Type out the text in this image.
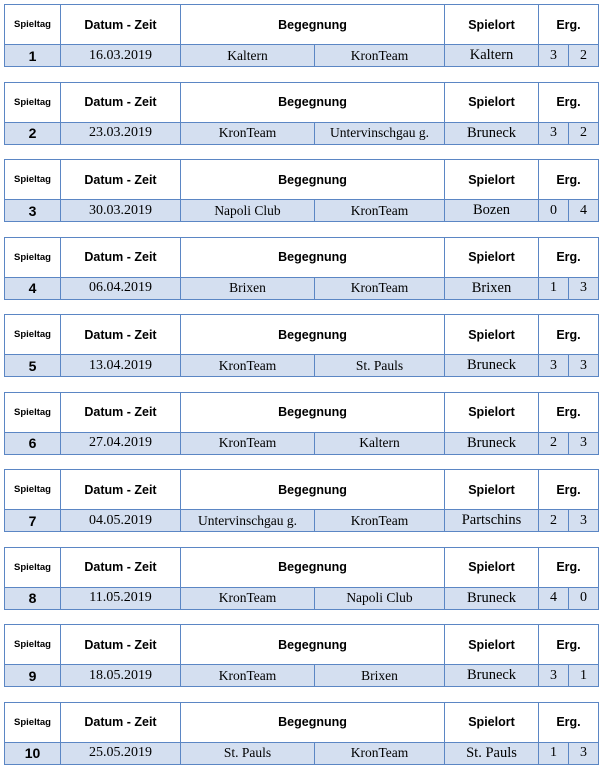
Spieltag	Datum - Zeit	Begegnung		Spielort	Erg.	
1	16.03.2019	Kaltern	KronTeam	Kaltern	3	2
Spieltag	Datum - Zeit	Begegnung		Spielort	Erg.	
2	23.03.2019	KronTeam	Untervinschgau g.	Bruneck	3	2
Spieltag	Datum - Zeit	Begegnung		Spielort	Erg.	
3	30.03.2019	Napoli Club	KronTeam	Bozen	0	4
Spieltag	Datum - Zeit	Begegnung		Spielort	Erg.	
4	06.04.2019	Brixen	KronTeam	Brixen	1	3
Spieltag	Datum - Zeit	Begegnung		Spielort	Erg.	
5	13.04.2019	KronTeam	St. Pauls	Bruneck	3	3
Spieltag	Datum - Zeit	Begegnung		Spielort	Erg.	
6	27.04.2019	KronTeam	Kaltern	Bruneck	2	3
Spieltag	Datum - Zeit	Begegnung		Spielort	Erg.	
7	04.05.2019	Untervinschgau g.	KronTeam	Partschins	2	3
Spieltag	Datum - Zeit	Begegnung		Spielort	Erg.	
8	11.05.2019	KronTeam	Napoli Club	Bruneck	4	0
Spieltag	Datum - Zeit	Begegnung		Spielort	Erg.	
9	18.05.2019	KronTeam	Brixen	Bruneck	3	1
Spieltag	Datum - Zeit	Begegnung		Spielort	Erg.	
10	25.05.2019	St. Pauls	KronTeam	St. Pauls	1	3
